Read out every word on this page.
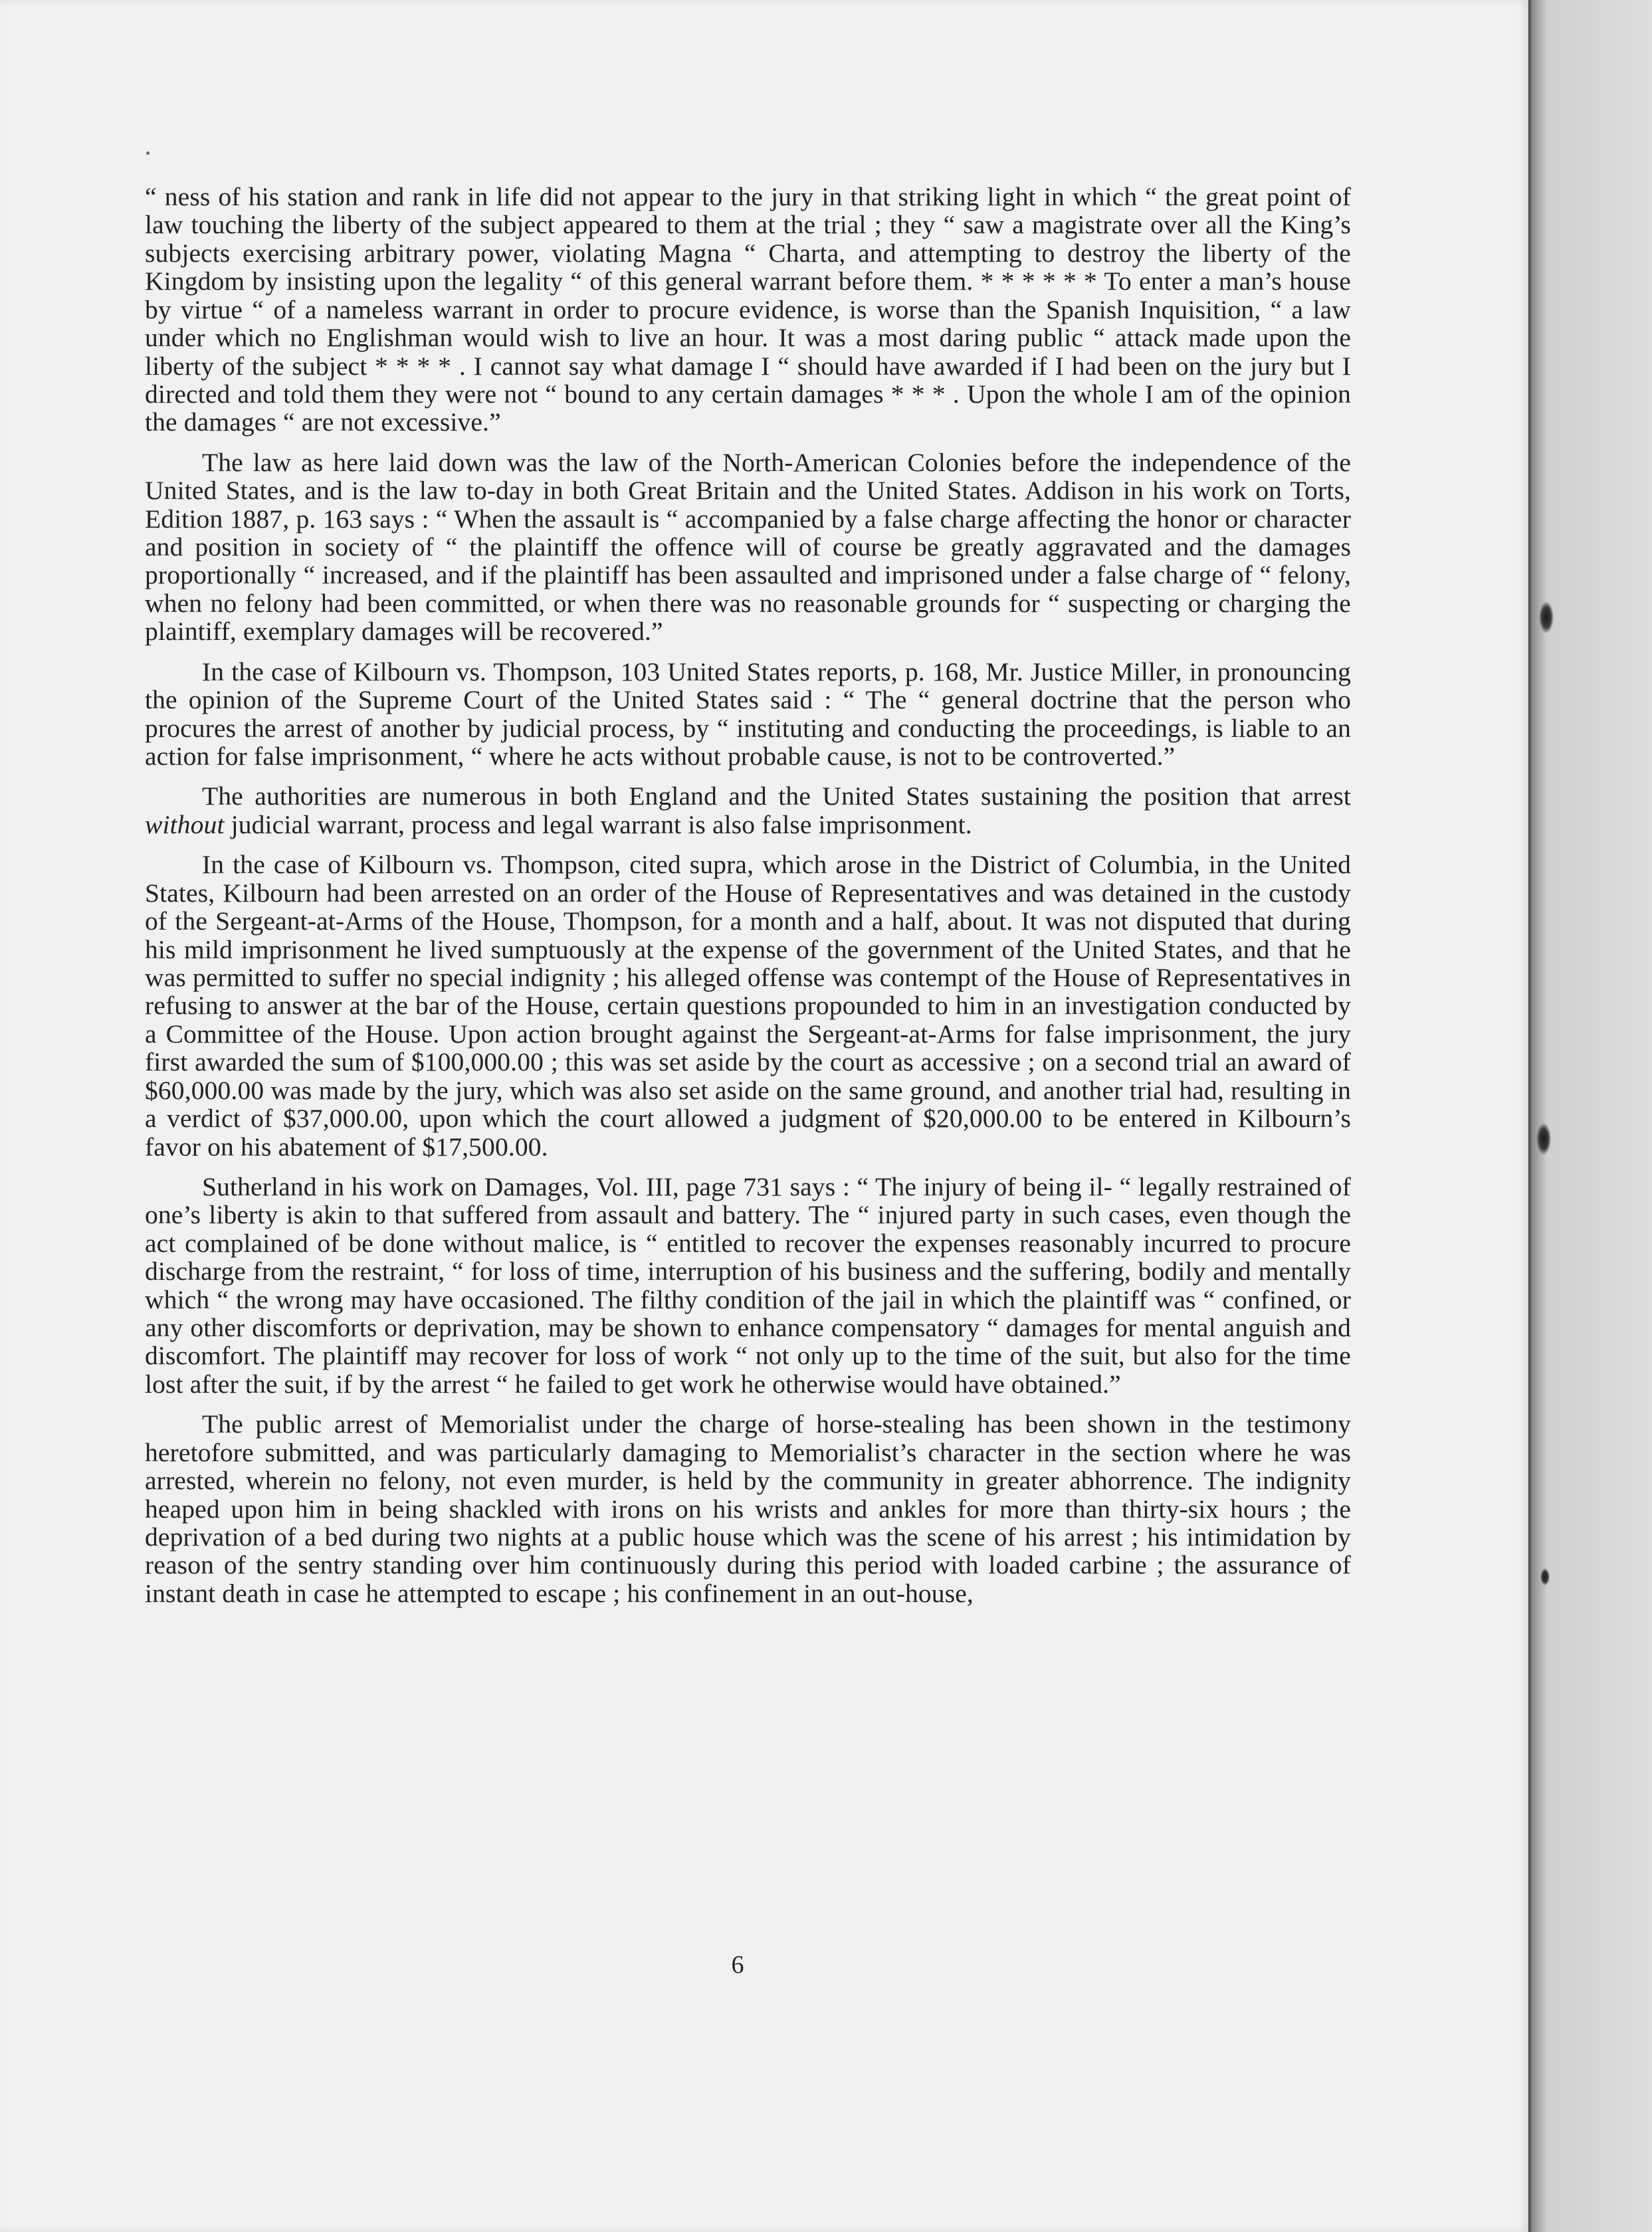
“ ness of his station and rank in life did not appear to the jury in that striking light in which “ the great point of law touching the liberty of the subject appeared to them at the trial ; they “ saw a magistrate over all the King’s subjects exercising arbitrary power, violating Magna “ Charta, and attempting to destroy the liberty of the Kingdom by insisting upon the legality “ of this general warrant before them. * * * * * * To enter a man’s house by virtue “ of a nameless warrant in order to procure evidence, is worse than the Spanish Inquisition, “ a law under which no Englishman would wish to live an hour. It was a most daring public “ attack made upon the liberty of the subject * * * * . I cannot say what damage I “ should have awarded if I had been on the jury but I directed and told them they were not “ bound to any certain damages * * * . Upon the whole I am of the opinion the damages “ are not excessive.”

The law as here laid down was the law of the North-American Colonies before the independence of the United States, and is the law to-day in both Great Britain and the United States. Addison in his work on Torts, Edition 1887, p. 163 says : “ When the assault is “ accompanied by a false charge affecting the honor or character and position in society of “ the plaintiff the offence will of course be greatly aggravated and the damages proportionally “ increased, and if the plaintiff has been assaulted and imprisoned under a false charge of “ felony, when no felony had been committed, or when there was no reasonable grounds for “ suspecting or charging the plaintiff, exemplary damages will be recovered.”

In the case of Kilbourn vs. Thompson, 103 United States reports, p. 168, Mr. Justice Miller, in pronouncing the opinion of the Supreme Court of the United States said : “ The “ general doctrine that the person who procures the arrest of another by judicial process, by “ instituting and conducting the proceedings, is liable to an action for false imprisonment, “ where he acts without probable cause, is not to be controverted.”

The authorities are numerous in both England and the United States sustaining the position that arrest without judicial warrant, process and legal warrant is also false imprisonment.

In the case of Kilbourn vs. Thompson, cited supra, which arose in the District of Columbia, in the United States, Kilbourn had been arrested on an order of the House of Representatives and was detained in the custody of the Sergeant-at-Arms of the House, Thompson, for a month and a half, about. It was not disputed that during his mild imprisonment he lived sumptuously at the expense of the government of the United States, and that he was permitted to suffer no special indignity ; his alleged offense was contempt of the House of Representatives in refusing to answer at the bar of the House, certain questions propounded to him in an investigation conducted by a Committee of the House. Upon action brought against the Sergeant-at-Arms for false imprisonment, the jury first awarded the sum of $100,000.00 ; this was set aside by the court as accessive ; on a second trial an award of $60,000.00 was made by the jury, which was also set aside on the same ground, and another trial had, resulting in a verdict of $37,000.00, upon which the court allowed a judgment of $20,000.00 to be entered in Kilbourn’s favor on his abatement of $17,500.00.

Sutherland in his work on Damages, Vol. III, page 731 says : “ The injury of being il- “ legally restrained of one’s liberty is akin to that suffered from assault and battery. The “ injured party in such cases, even though the act complained of be done without malice, is “ entitled to recover the expenses reasonably incurred to procure discharge from the restraint, “ for loss of time, interruption of his business and the suffering, bodily and mentally which “ the wrong may have occasioned. The filthy condition of the jail in which the plaintiff was “ confined, or any other discomforts or deprivation, may be shown to enhance compensatory “ damages for mental anguish and discomfort. The plaintiff may recover for loss of work “ not only up to the time of the suit, but also for the time lost after the suit, if by the arrest “ he failed to get work he otherwise would have obtained.”

The public arrest of Memorialist under the charge of horse-stealing has been shown in the testimony heretofore submitted, and was particularly damaging to Memorialist’s character in the section where he was arrested, wherein no felony, not even murder, is held by the community in greater abhorrence. The indignity heaped upon him in being shackled with irons on his wrists and ankles for more than thirty-six hours ; the deprivation of a bed during two nights at a public house which was the scene of his arrest ; his intimidation by reason of the sentry standing over him continuously during this period with loaded carbine ; the assurance of instant death in case he attempted to escape ; his confinement in an out-house,

6
